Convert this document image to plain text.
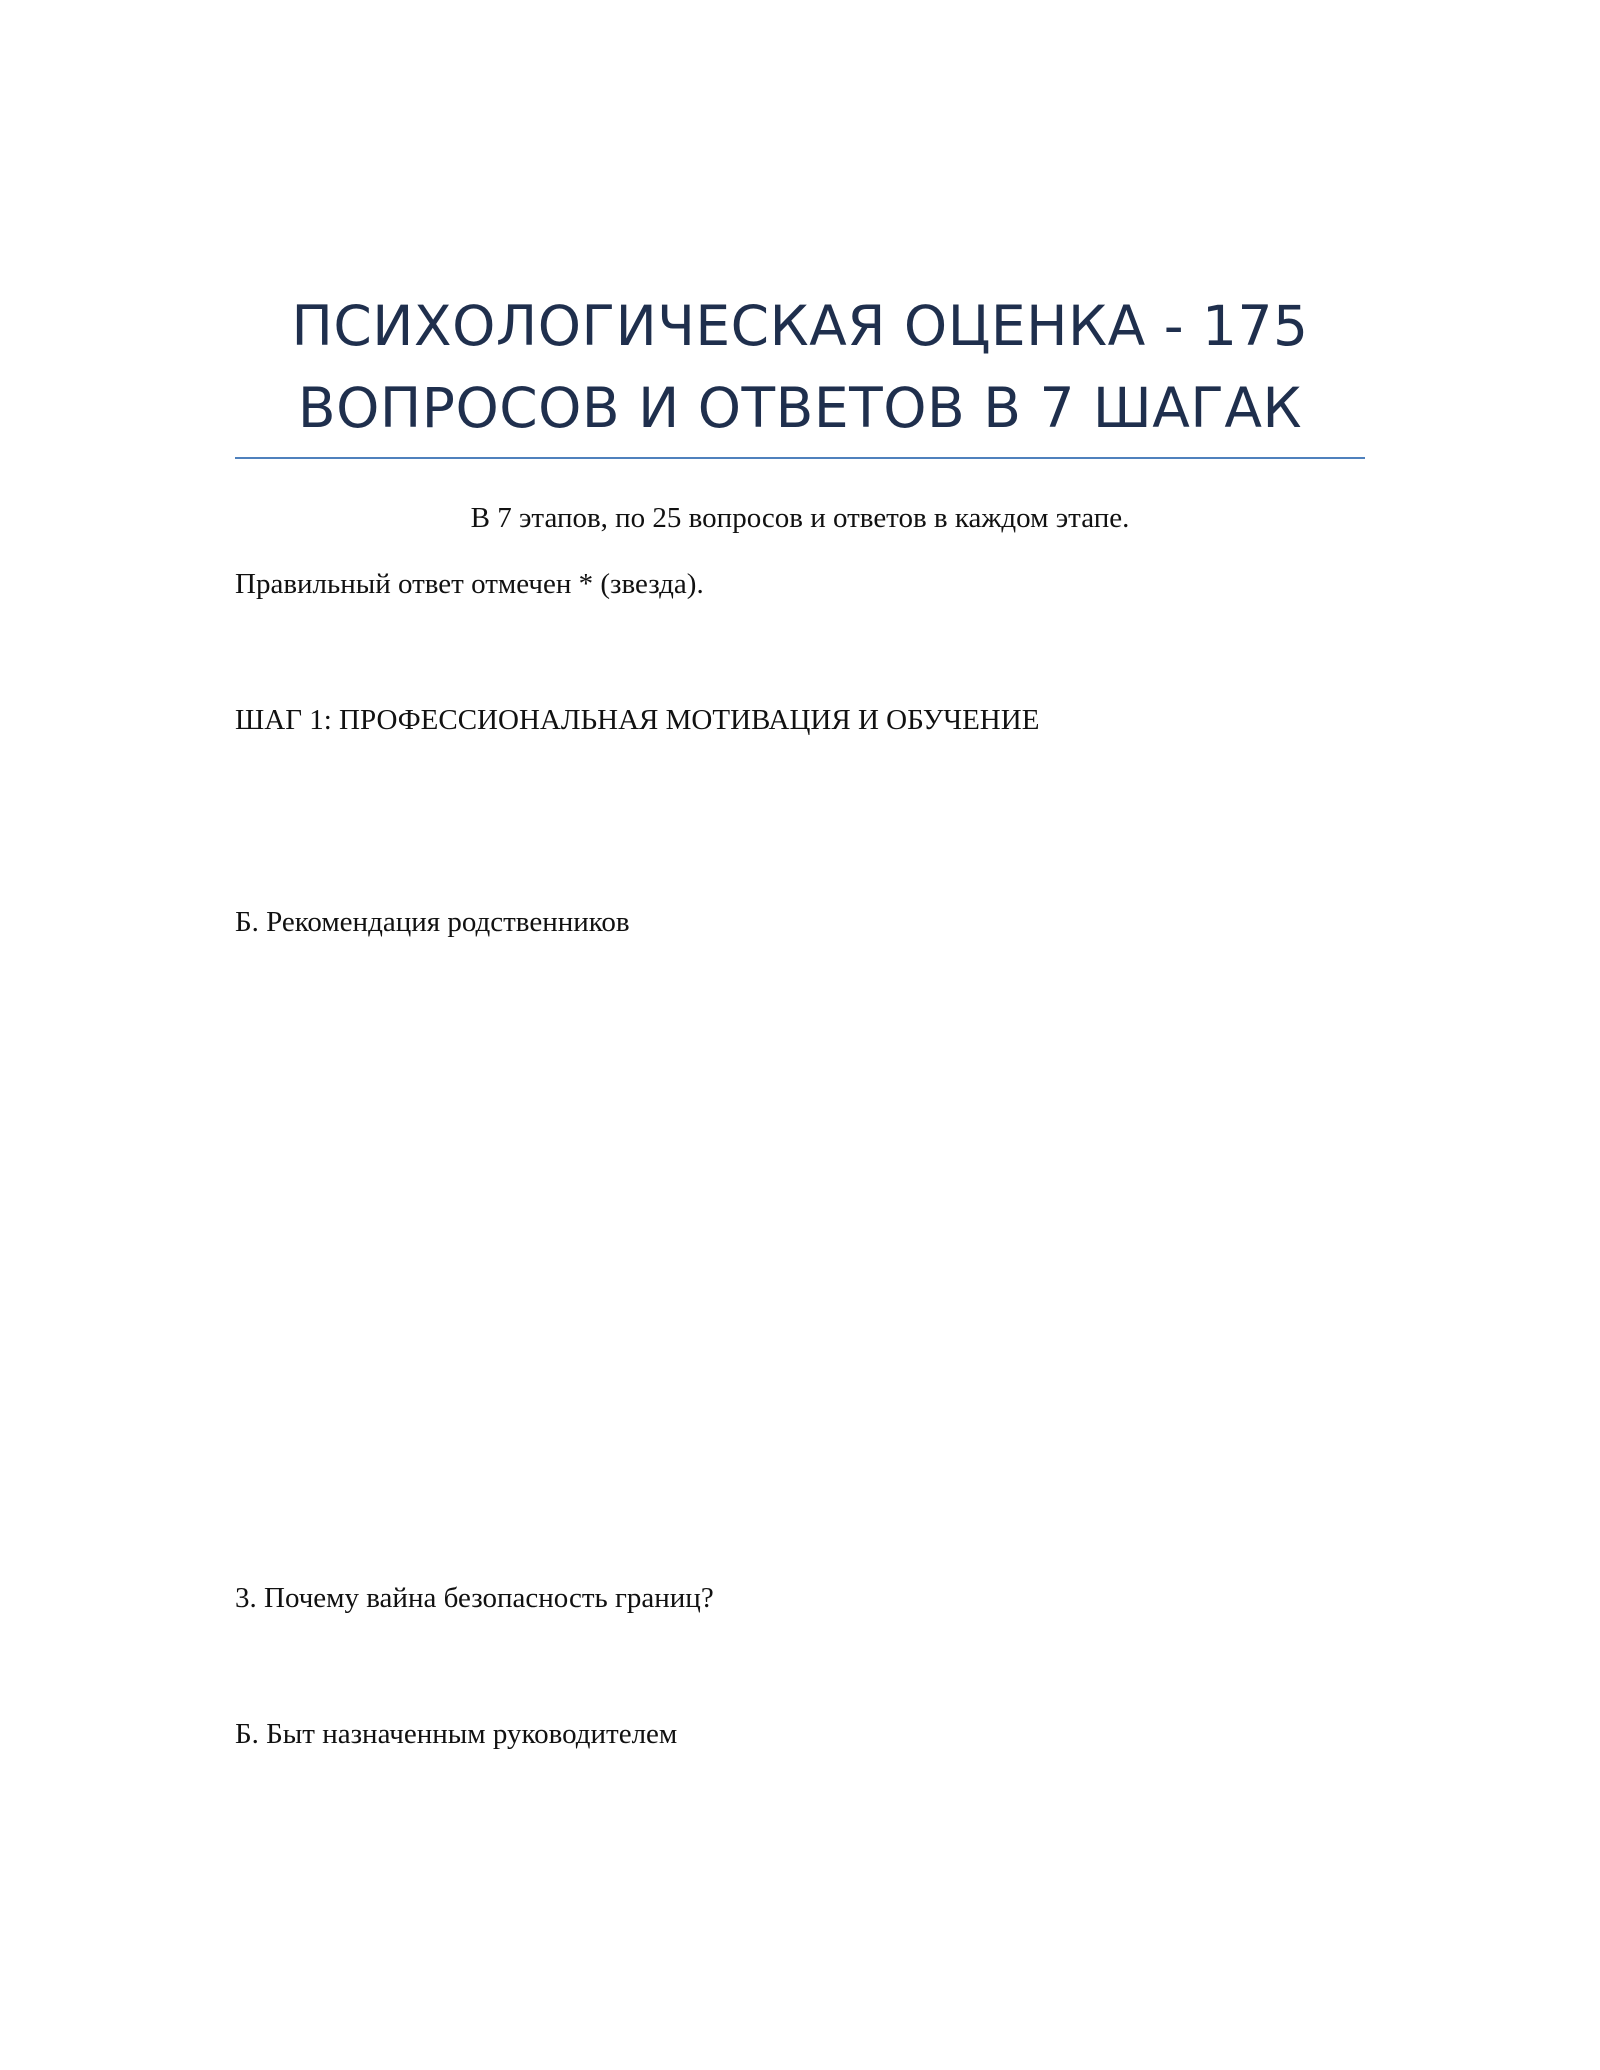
ПСИХОЛОГИЧЕСКАЯ ОЦЕНКА - 175
ВОПРОСОВ И ОТВЕТОВ В 7 ШАГАК
В 7 этапов, по 25 вопросов и ответов в каждом этапе.
Правильный ответ отмечен * (звезда).
ШАГ 1: ПРОФЕССИОНАЛЬНАЯ МОТИВАЦИЯ И ОБУЧЕНИЕ
Б. Рекомендация родственников
3. Почему вайна безопасность границ?
Б. Быт назначенным руководителем
